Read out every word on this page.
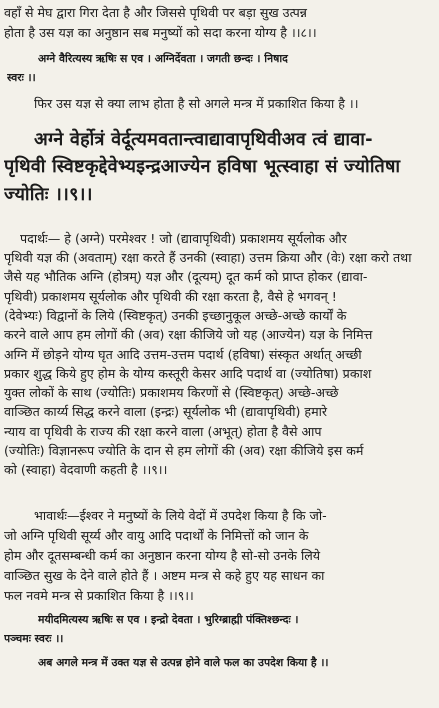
वहाँ से मेघ द्वारा गिरा देता है और जिससे पृथिवी पर बड़ा सुख उत्पन्न
होता है उस यज्ञ का अनुष्ठान सब मनुष्यों को सदा करना योग्य है ।।८।।
अग्ने वैरित्यस्य ऋषिः स एव । अग्निर्देवता । जगती छन्दः । निषाद
स्वरः ।।
फिर उस यज्ञ से क्या लाभ होता है सो अगले मन्त्र में प्रकाशित किया है ।।
अग्ने वेर्होत्रं वेर्दूत्यमवतान्त्वाद्यावापृथिवीअव त्वं द्यावा-
पृथिवी स्विष्टकृद्देवेभ्यइन्द्रआज्येन हविषा भूत्स्वाहा सं ज्योतिषा
ज्योतिः ।।९।।
पदार्थः— हे (अग्ने) परमेश्वर ! जो (द्यावापृथिवी) प्रकाशमय सूर्यलोक और
पृथिवी यज्ञ की (अवताम्) रक्षा करते हैं उनकी (स्वाहा) उत्तम क्रिया और (वेः) रक्षा करो तथा
जैसे यह भौतिक अग्नि (होत्रम्) यज्ञ और (दूत्यम्) दूत कर्म को प्राप्त होकर (द्यावा-
पृथिवी) प्रकाशमय सूर्यलोक और पृथिवी की रक्षा करता है, वैसे हे भगवन् !
(देवेभ्यः) विद्वानों के लिये (स्विष्टकृत्) उनकी इच्छानुकूल अच्छे-अच्छे कार्यों के
करने वाले आप हम लोगों की (अव) रक्षा कीजिये जो यह (आज्येन) यज्ञ के निमित्त
अग्नि में छोड़ने योग्य घृत आदि उत्तम-उत्तम पदार्थ (हविषा) संस्कृत अर्थात् अच्छी
प्रकार शुद्ध किये हुए होम के योग्य कस्तूरी केसर आदि पदार्थ वा (ज्योतिषा) प्रकाश
युक्त लोकों के साथ (ज्योतिः) प्रकाशमय किरणों से (स्विष्टकृत्) अच्छे-अच्छे
वाञ्छित कार्य्य सिद्ध करने वाला (इन्द्रः) सूर्यलोक भी (द्यावापृथिवी) हमारे
न्याय वा पृथिवी के राज्य की रक्षा करने वाला (अभूत्) होता है वैसे आप
(ज्योतिः) विज्ञानरूप ज्योति के दान से हम लोगों की (अव) रक्षा कीजिये इस कर्म
को (स्वाहा) वेदवाणी कहती है ।।९।।
भावार्थः—ईश्वर ने मनुष्यों के लिये वेदों में उपदेश किया है कि जो-
जो अग्नि पृथिवी सूर्य्य और वायु आदि पदार्थों के निमित्तों को जान के
होम और दूतसम्बन्धी कर्म का अनुष्ठान करना योग्य है सो-सो उनके लिये
वाञ्छित सुख के देने वाले होते हैं । अष्टम मन्त्र से कहे हुए यह साधन का
फल नवमे मन्त्र से प्रकाशित किया है ।।९।।
मयीदमित्यस्य ऋषिः स एव । इन्द्रो देवता । भुरिग्ब्राह्मी पंक्तिश्छन्दः ।
पञ्चमः स्वरः ।।
अब अगले मन्त्र में उक्त यज्ञ से उत्पन्न होने वाले फल का उपदेश किया है ।।
